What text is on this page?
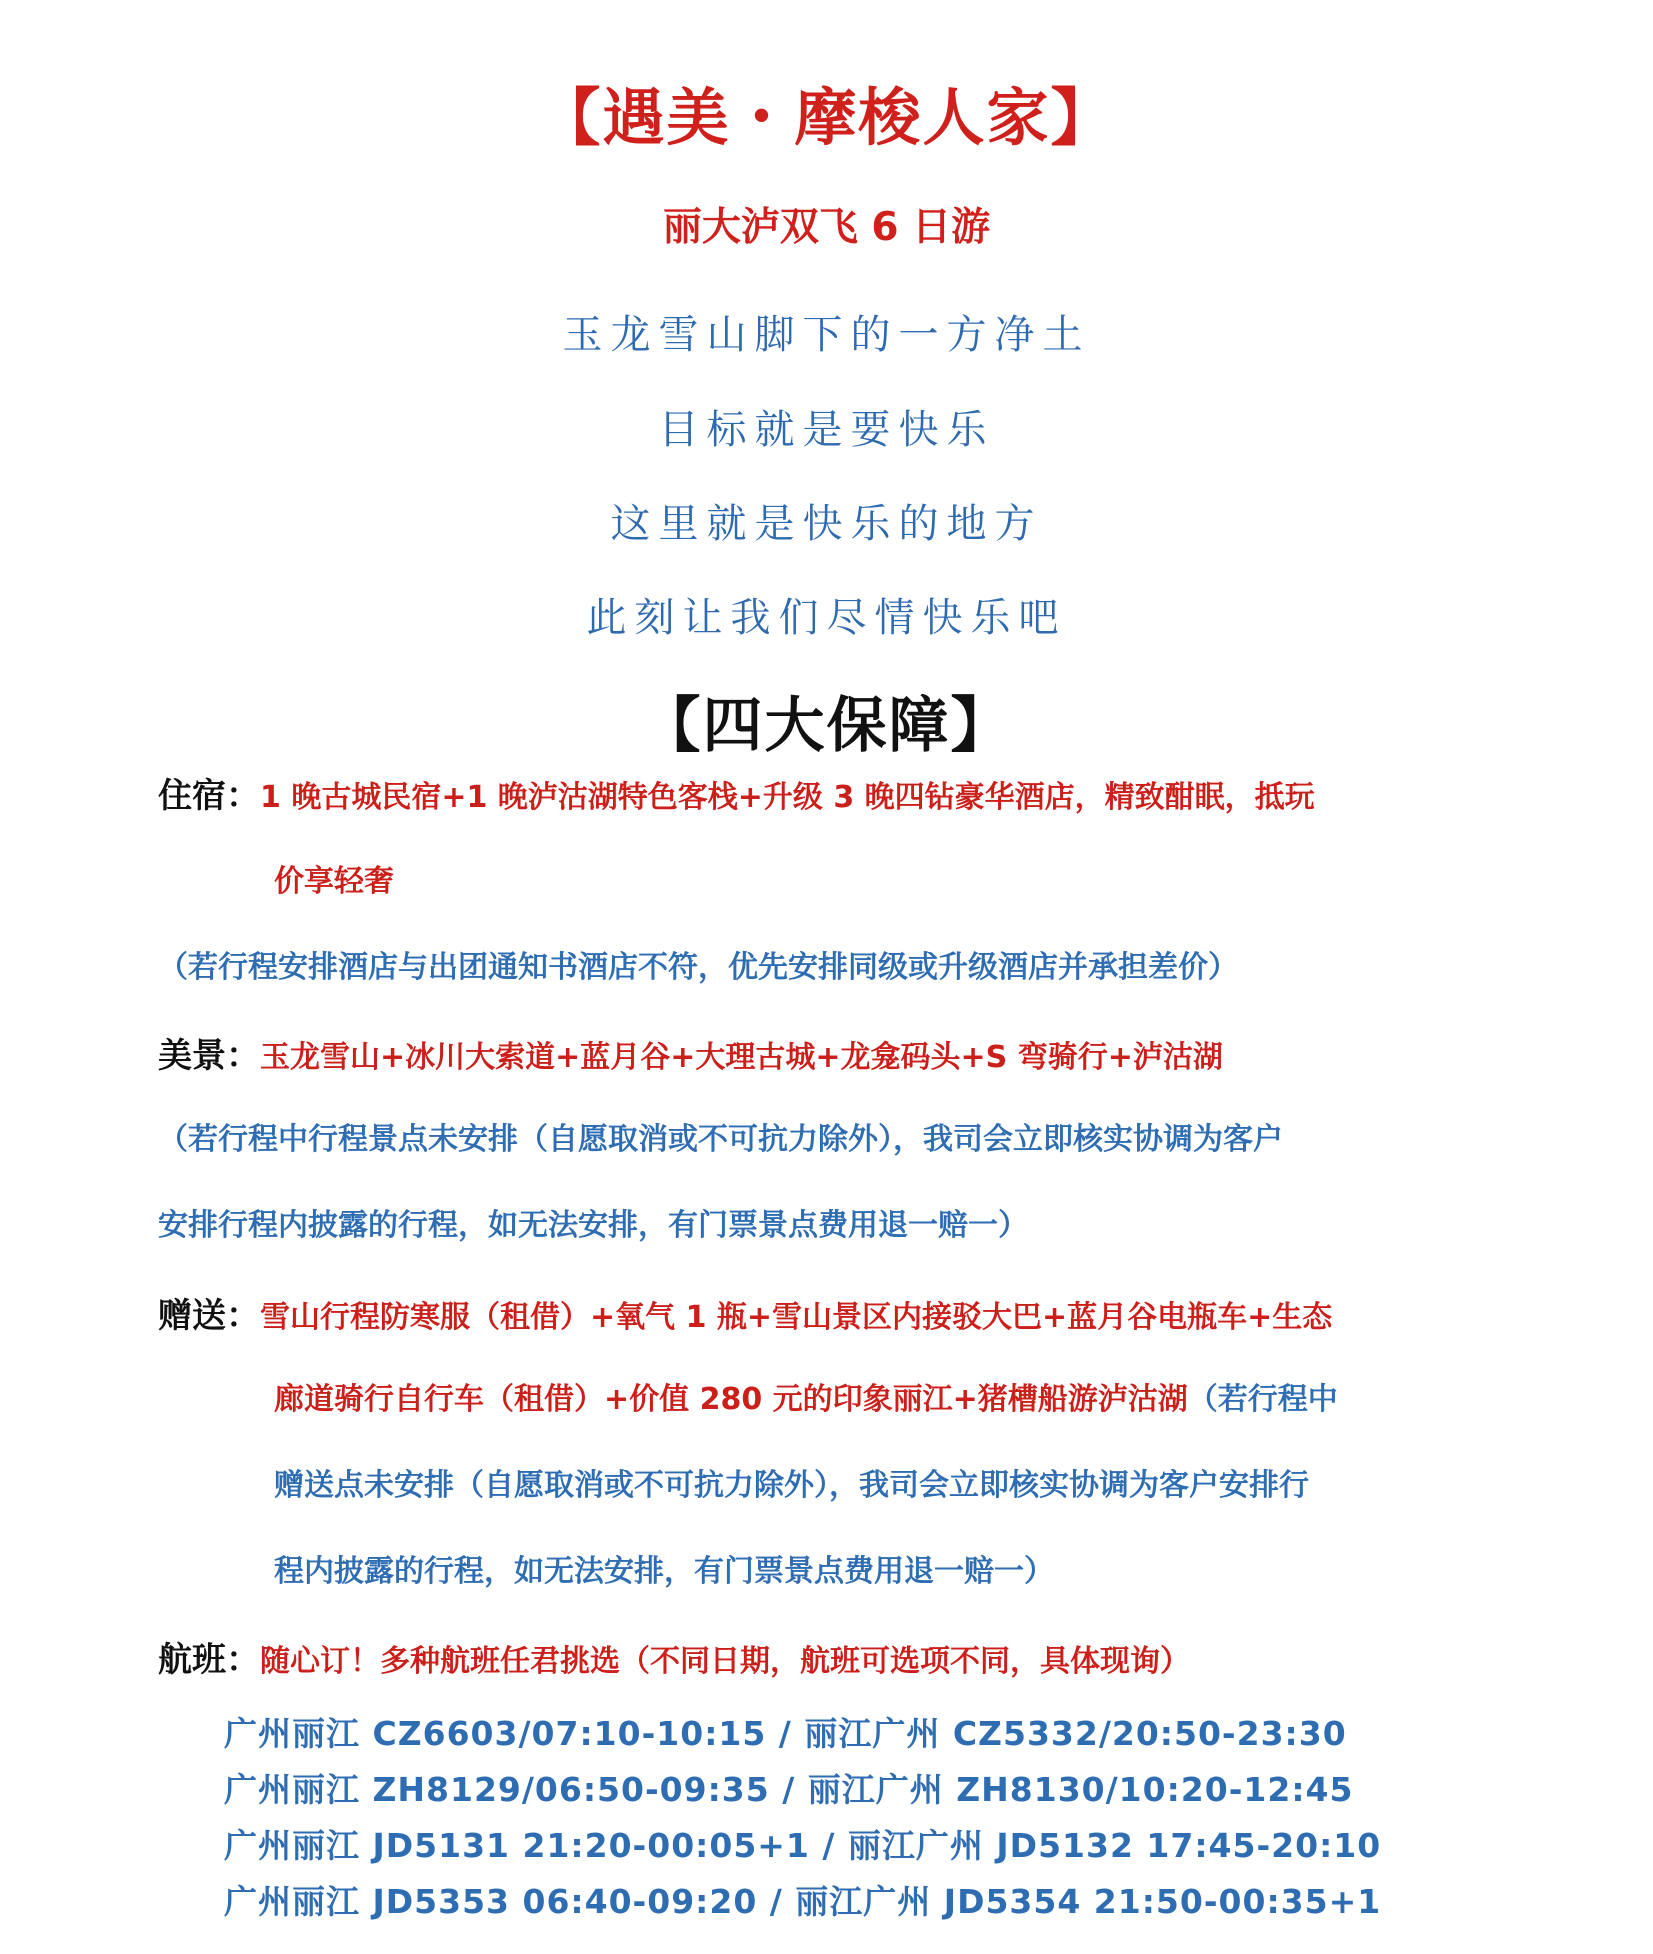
【遇美・摩梭人家】
丽大泸双飞 6 日游
玉龙雪山脚下的一方净土
目标就是要快乐
这里就是快乐的地方
此刻让我们尽情快乐吧
【四大保障】
住宿：1 晚古城民宿+1 晚泸沽湖特色客栈+升级 3 晚四钻豪华酒店，精致酣眠，抵玩
价享轻奢
（若行程安排酒店与出团通知书酒店不符，优先安排同级或升级酒店并承担差价）
美景：玉龙雪山+冰川大索道+蓝月谷+大理古城+龙龛码头+S 弯骑行+泸沽湖
（若行程中行程景点未安排（自愿取消或不可抗力除外），我司会立即核实协调为客户
安排行程内披露的行程，如无法安排，有门票景点费用退一赔一）
赠送：雪山行程防寒服（租借）+氧气 1 瓶+雪山景区内接驳大巴+蓝月谷电瓶车+生态
廊道骑行自行车（租借）+价值 280 元的印象丽江+猪槽船游泸沽湖（若行程中
赠送点未安排（自愿取消或不可抗力除外），我司会立即核实协调为客户安排行
程内披露的行程，如无法安排，有门票景点费用退一赔一）
航班：随心订！多种航班任君挑选（不同日期，航班可选项不同，具体现询）
广州丽江 CZ6603/07:10-10:15 / 丽江广州 CZ5332/20:50-23:30
广州丽江 ZH8129/06:50-09:35 / 丽江广州 ZH8130/10:20-12:45
广州丽江 JD5131 21:20-00:05+1 / 丽江广州 JD5132 17:45-20:10
广州丽江 JD5353 06:40-09:20 / 丽江广州 JD5354 21:50-00:35+1
